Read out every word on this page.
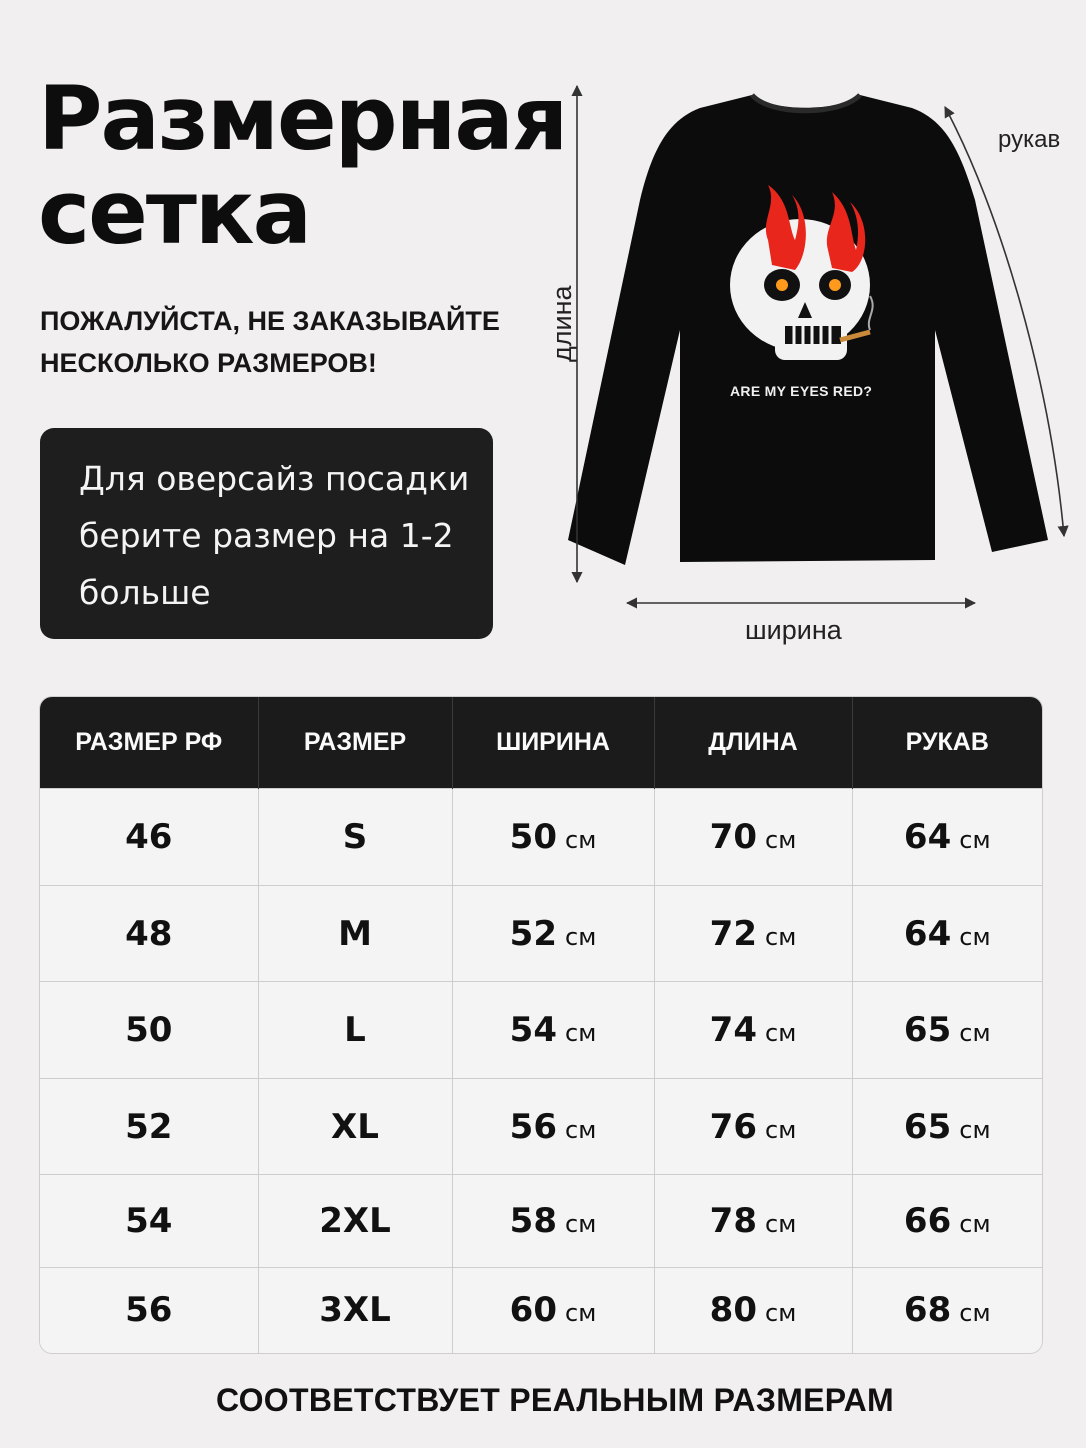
Размерная
сетка
ПОЖАЛУЙСТА, НЕ ЗАКАЗЫВАЙТЕ
НЕСКОЛЬКО РАЗМЕРОВ!

Для оверсайз посадки

берите размер на 1-2

больше

ARE MY EYES RED?
длина
рукав
ширина
РАЗМЕР РФ	РАЗМЕР	ШИРИНА	ДЛИНА	РУКАВ
46	S	50 см	70 см	64 см
48	M	52 см	72 см	64 см
50	L	54 см	74 см	65 см
52	XL	56 см	76 см	65 см
54	2XL	58 см	78 см	66 см
56	3XL	60 см	80 см	68 см
СООТВЕТСТВУЕТ РЕАЛЬНЫМ РАЗМЕРАМ
